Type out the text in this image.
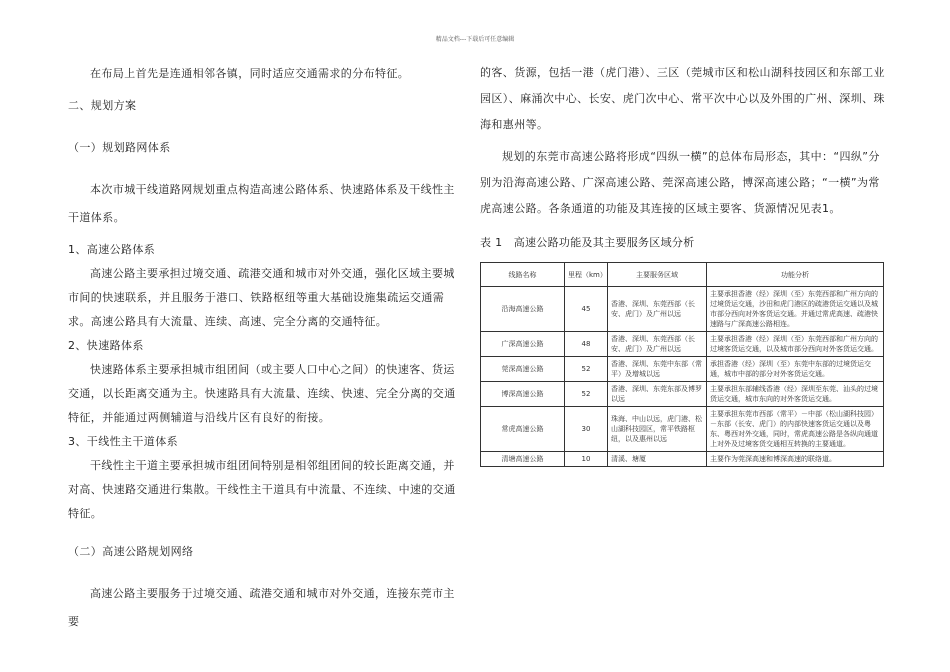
精品文档---下载后可任意编辑

在布局上首先是连通相邻各镇，同时适应交通需求的分布特征。

二、规划方案

（一）规划路网体系

本次市城干线道路网规划重点构造高速公路体系、快速路体系及干线性主干道体系。

1、高速公路体系

高速公路主要承担过境交通、疏港交通和城市对外交通，强化区域主要城市间的快速联系，并且服务于港口、铁路枢纽等重大基础设施集疏运交通需求。高速公路具有大流量、连续、高速、完全分离的交通特征。

2、快速路体系

快速路体系主要承担城市组团间（或主要人口中心之间）的快速客、货运交通，以长距离交通为主。快速路具有大流量、连续、快速、完全分离的交通特征，并能通过两侧辅道与沿线片区有良好的衔接。

3、干线性主干道体系

干线性主干道主要承担城市组团间特别是相邻组团间的较长距离交通，并对高、快速路交通进行集散。干线性主干道具有中流量、不连续、中速的交通特征。

（二）高速公路规划网络

高速公路主要服务于过境交通、疏港交通和城市对外交通，连接东莞市主要

的客、货源，包括一港（虎门港）、三区（莞城市区和松山湖科技园区和东部工业园区）、麻涌次中心、长安、虎门次中心、常平次中心以及外围的广州、深圳、珠海和惠州等。

规划的东莞市高速公路将形成“四纵一横”的总体布局形态，其中：“四纵”分别为沿海高速公路、广深高速公路、莞深高速公路，博深高速公路；“一横”为常虎高速公路。各条通道的功能及其连接的区域主要客、货源情况见表1。

表 1　高速公路功能及其主要服务区域分析
线路名称	里程（km）	主要服务区域	功能分析
沿海高速公路	45	香港、深圳、东莞西部（长安、虎门）及广州以远	主要承担香港（经）深圳（至）东莞西部和广州方向的过境货运交通，沙田和虎门港区的疏港货运交通以及城市部分西向对外客货运交通。并通过常虎高速、疏港快速路与广深高速公路相连。
广深高速公路	48	香港、深圳、东莞西部（长安、虎门）及广州以远	主要承担香港（经）深圳（至）东莞西部和广州方向的过境客货运交通，以及城市部分西向对外客货运交通。
莞深高速公路	52	香港、深圳、东莞中东部（常平）及增城以远	承担香港（经）深圳（至）东莞中东部的过境货运交通，城市中部的部分对外客货运交通。
博深高速公路	52	香港、深圳、东莞东部及博罗以远	主要承担东部辅线香港（经）深圳至东莞、汕头的过境货运交通，城市东向的对外客货运交通。
常虎高速公路	30	珠海、中山以远，虎门港、松山湖科技园区，常平铁路枢纽，以及惠州以远	主要承担东莞市西部（常平）－中部（松山湖科技园）－东部（长安、虎门）的内部快速客货运交通以及粤东、粤西对外交通，同时，常虎高速公路是各纵向通道上对外及过境客货交通相互转换的主要通道。
清塘高速公路	10	清溪、塘厦	主要作为莞深高速和博深高速的联络道。
